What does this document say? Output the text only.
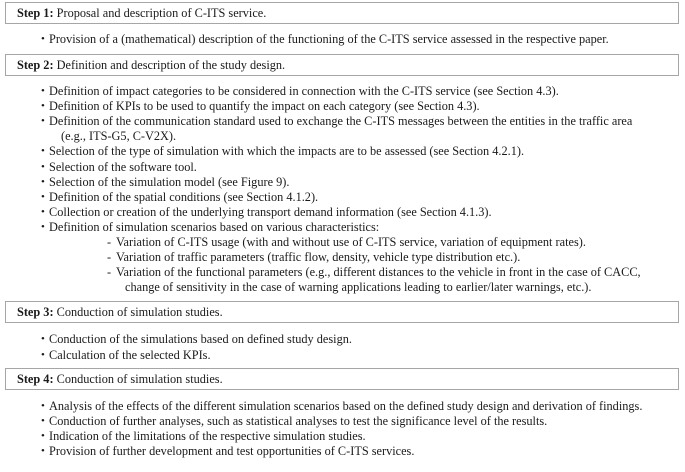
Step 1: Proposal and description of C-ITS service.
• Provision of a (mathematical) description of the functioning of the C-ITS service assessed in the respective paper.
Step 2: Definition and description of the study design.
• Definition of impact categories to be considered in connection with the C-ITS service (see Section 4.3).
• Definition of KPIs to be used to quantify the impact on each category (see Section 4.3).
• Definition of the communication standard used to exchange the C-ITS messages between the entities in the traffic area
(e.g., ITS-G5, C-V2X).
• Selection of the type of simulation with which the impacts are to be assessed (see Section 4.2.1).
• Selection of the software tool.
• Selection of the simulation model (see Figure 9).
• Definition of the spatial conditions (see Section 4.1.2).
• Collection or creation of the underlying transport demand information (see Section 4.1.3).
• Definition of simulation scenarios based on various characteristics:
- Variation of C-ITS usage (with and without use of C-ITS service, variation of equipment rates).
- Variation of traffic parameters (traffic flow, density, vehicle type distribution etc.).
- Variation of the functional parameters (e.g., different distances to the vehicle in front in the case of CACC,
change of sensitivity in the case of warning applications leading to earlier/later warnings, etc.).
Step 3: Conduction of simulation studies.
• Conduction of the simulations based on defined study design.
• Calculation of the selected KPIs.
Step 4: Conduction of simulation studies.
• Analysis of the effects of the different simulation scenarios based on the defined study design and derivation of findings.
• Conduction of further analyses, such as statistical analyses to test the significance level of the results.
• Indication of the limitations of the respective simulation studies.
• Provision of further development and test opportunities of C-ITS services.
